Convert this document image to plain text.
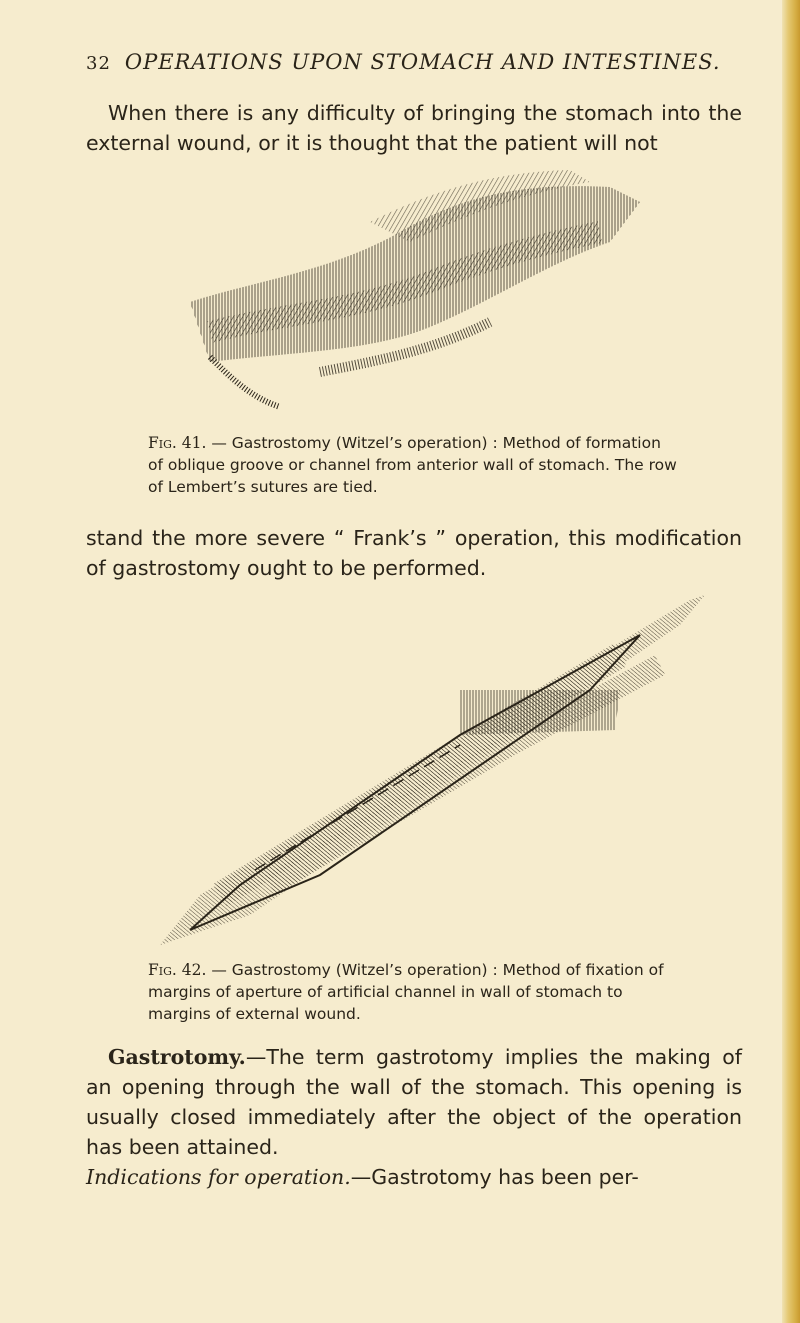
32 OPERATIONS UPON STOMACH AND INTESTINES.
When there is any difficulty of bringing the stomach into the external wound, or it is thought that the patient will not
Fig. 41. — Gastrostomy (Witzel’s operation) : Method of formation of oblique groove or channel from anterior wall of stomach. The row of Lembert’s sutures are tied.
stand the more severe “ Frank’s ” operation, this modification of gastrostomy ought to be performed.
Fig. 42. — Gastrostomy (Witzel’s operation) : Method of fixation of margins of aperture of artificial channel in wall of stomach to margins of external wound.
Gastrotomy.—The term gastrotomy implies the making of an opening through the wall of the stomach. This opening is usually closed immediately after the object of the operation has been attained.
Indications for operation.—Gastrotomy has been per-
